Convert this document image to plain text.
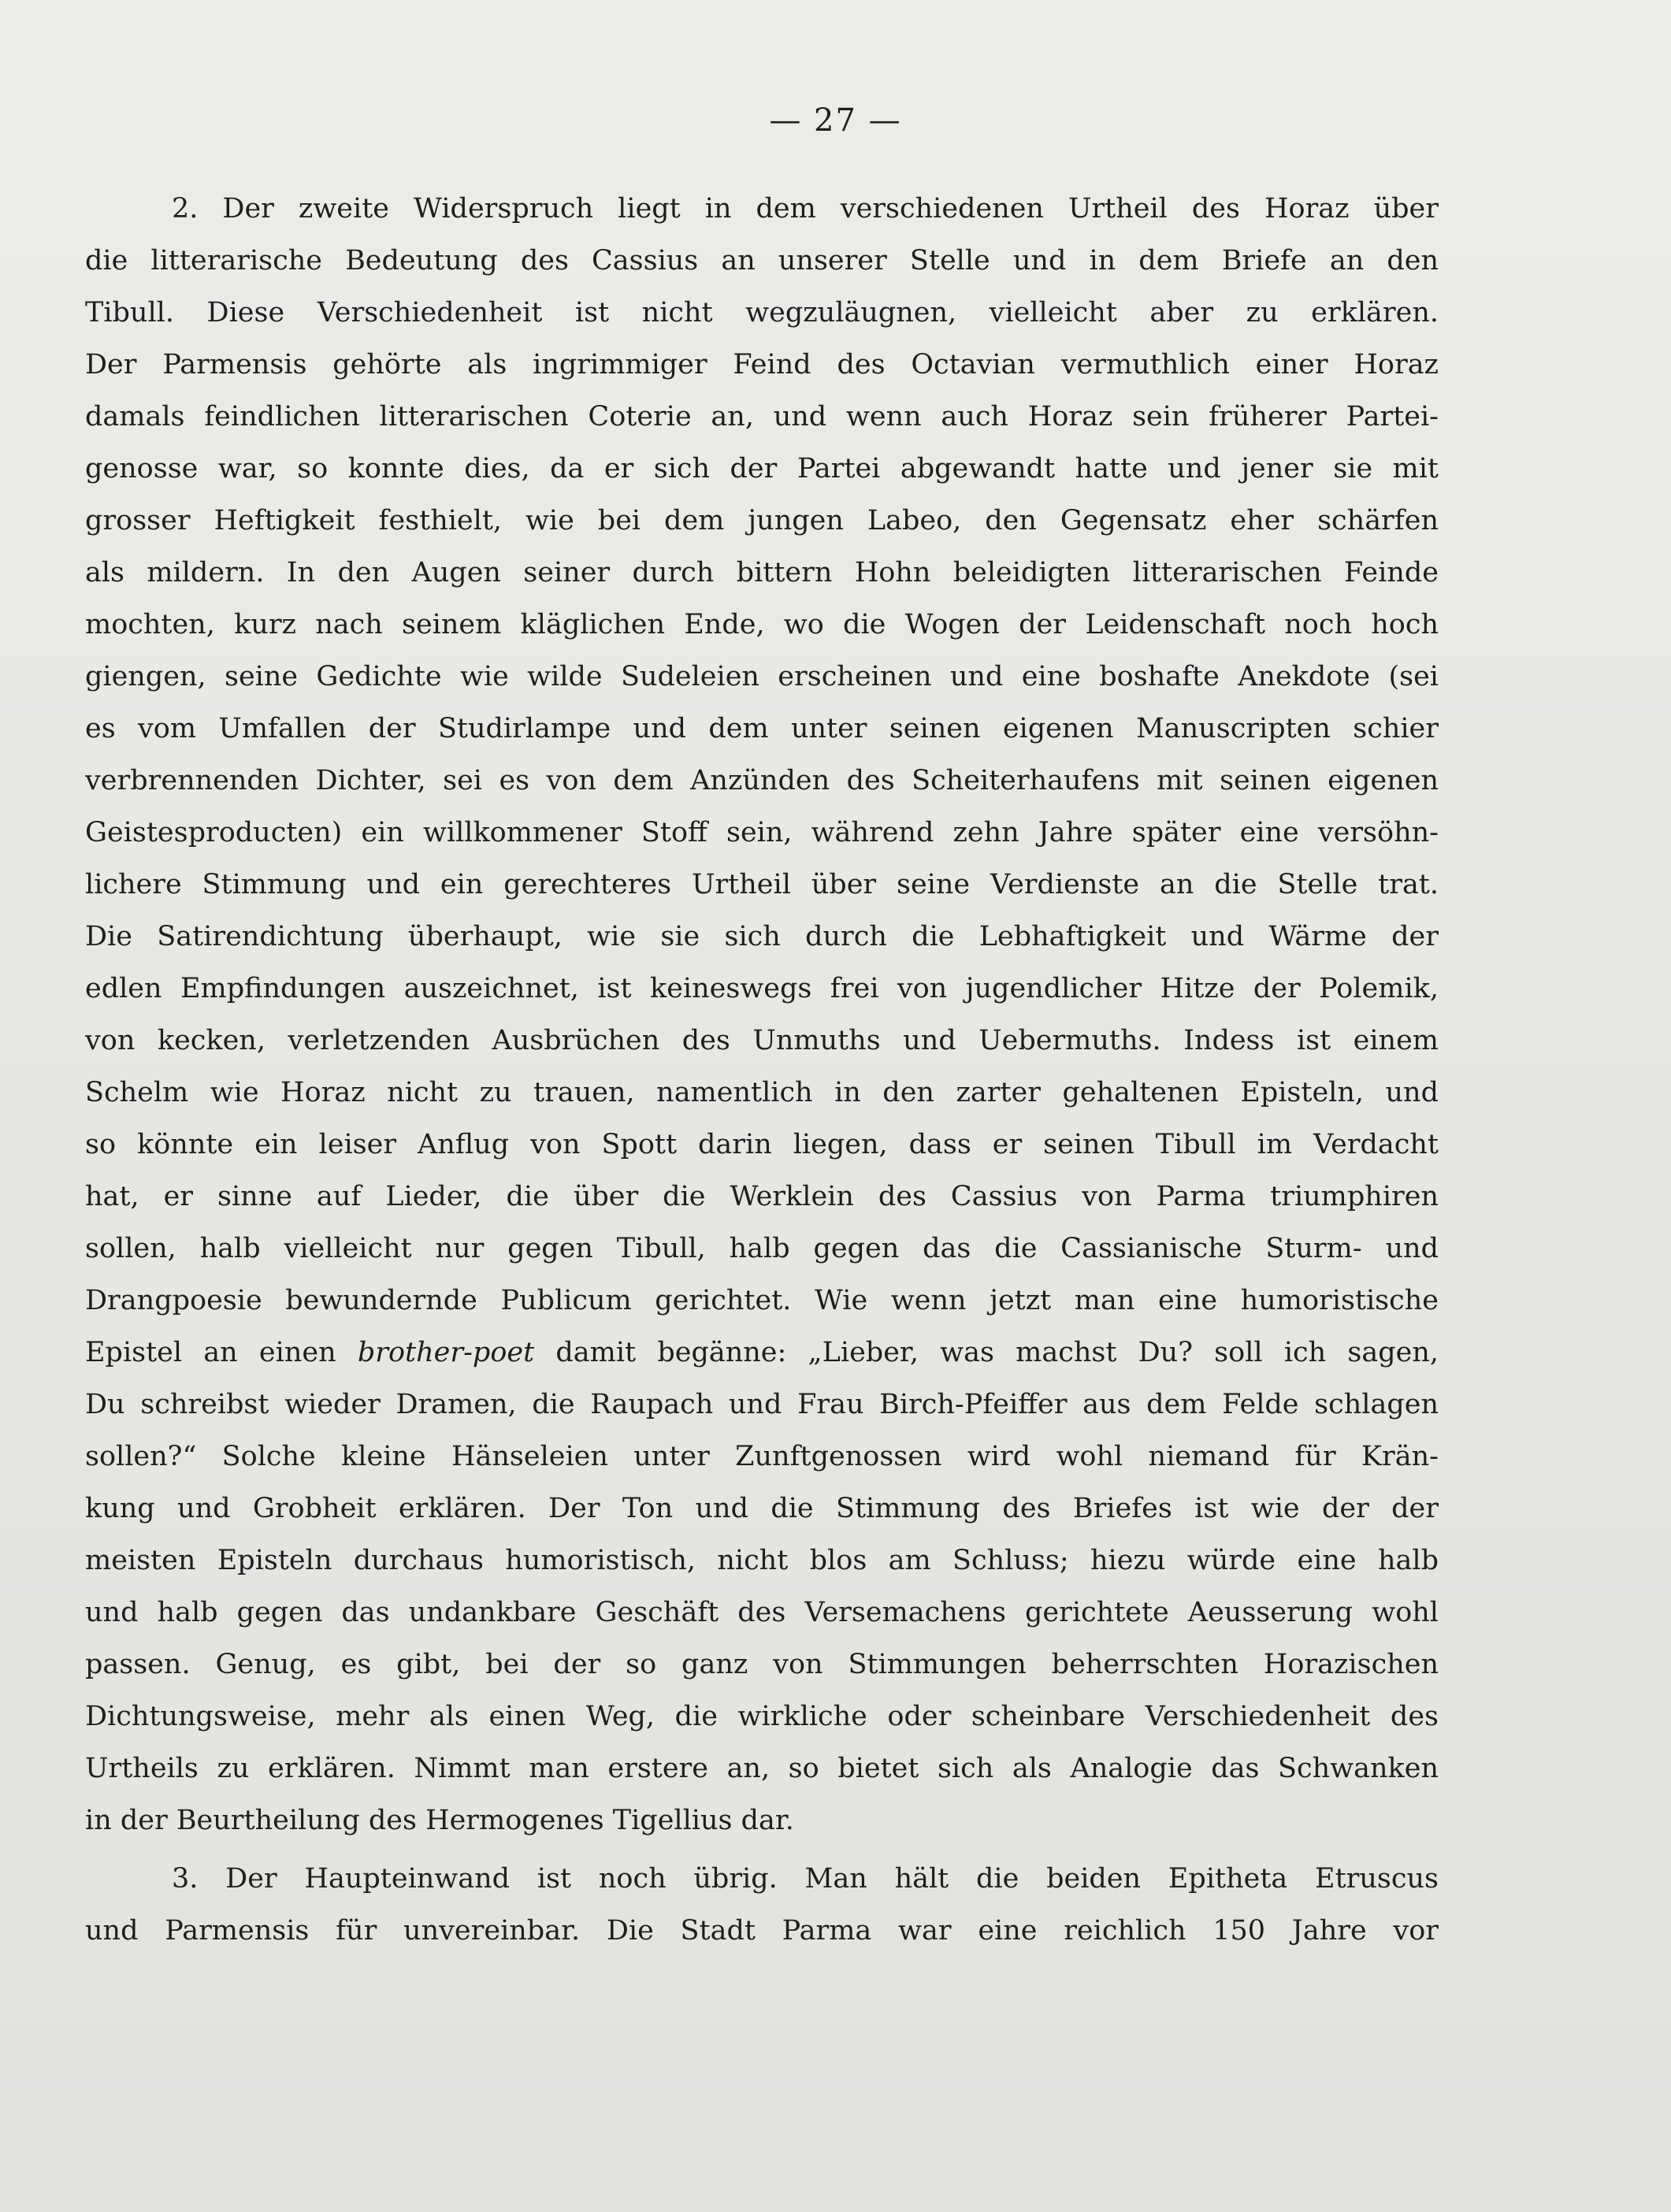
— 27 —
2. Der zweite Widerspruch liegt in dem verschiedenen Urtheil des Horaz über
die litterarische Bedeutung des Cassius an unserer Stelle und in dem Briefe an den
Tibull. Diese Verschiedenheit ist nicht wegzuläugnen, vielleicht aber zu erklären.
Der Parmensis gehörte als ingrimmiger Feind des Octavian vermuthlich einer Horaz
damals feindlichen litterarischen Coterie an, und wenn auch Horaz sein früherer Partei-
genosse war, so konnte dies, da er sich der Partei abgewandt hatte und jener sie mit
grosser Heftigkeit festhielt, wie bei dem jungen Labeo, den Gegensatz eher schärfen
als mildern. In den Augen seiner durch bittern Hohn beleidigten litterarischen Feinde
mochten, kurz nach seinem kläglichen Ende, wo die Wogen der Leidenschaft noch hoch
giengen, seine Gedichte wie wilde Sudeleien erscheinen und eine boshafte Anekdote (sei
es vom Umfallen der Studirlampe und dem unter seinen eigenen Manuscripten schier
verbrennenden Dichter, sei es von dem Anzünden des Scheiterhaufens mit seinen eigenen
Geistesproducten) ein willkommener Stoff sein, während zehn Jahre später eine versöhn-
lichere Stimmung und ein gerechteres Urtheil über seine Verdienste an die Stelle trat.
Die Satirendichtung überhaupt, wie sie sich durch die Lebhaftigkeit und Wärme der
edlen Empfindungen auszeichnet, ist keineswegs frei von jugendlicher Hitze der Polemik,
von kecken, verletzenden Ausbrüchen des Unmuths und Uebermuths. Indess ist einem
Schelm wie Horaz nicht zu trauen, namentlich in den zarter gehaltenen Episteln, und
so könnte ein leiser Anflug von Spott darin liegen, dass er seinen Tibull im Verdacht
hat, er sinne auf Lieder, die über die Werklein des Cassius von Parma triumphiren
sollen, halb vielleicht nur gegen Tibull, halb gegen das die Cassianische Sturm- und
Drangpoesie bewundernde Publicum gerichtet. Wie wenn jetzt man eine humoristische
Epistel an einen brother-poet damit begänne: „Lieber, was machst Du? soll ich sagen,
Du schreibst wieder Dramen, die Raupach und Frau Birch-Pfeiffer aus dem Felde schlagen
sollen?“ Solche kleine Hänseleien unter Zunftgenossen wird wohl niemand für Krän-
kung und Grobheit erklären. Der Ton und die Stimmung des Briefes ist wie der der
meisten Episteln durchaus humoristisch, nicht blos am Schluss; hiezu würde eine halb
und halb gegen das undankbare Geschäft des Versemachens gerichtete Aeusserung wohl
passen. Genug, es gibt, bei der so ganz von Stimmungen beherrschten Horazischen
Dichtungsweise, mehr als einen Weg, die wirkliche oder scheinbare Verschiedenheit des
Urtheils zu erklären. Nimmt man erstere an, so bietet sich als Analogie das Schwanken
in der Beurtheilung des Hermogenes Tigellius dar.
3. Der Haupteinwand ist noch übrig. Man hält die beiden Epitheta Etruscus
und Parmensis für unvereinbar. Die Stadt Parma war eine reichlich 150 Jahre vor
